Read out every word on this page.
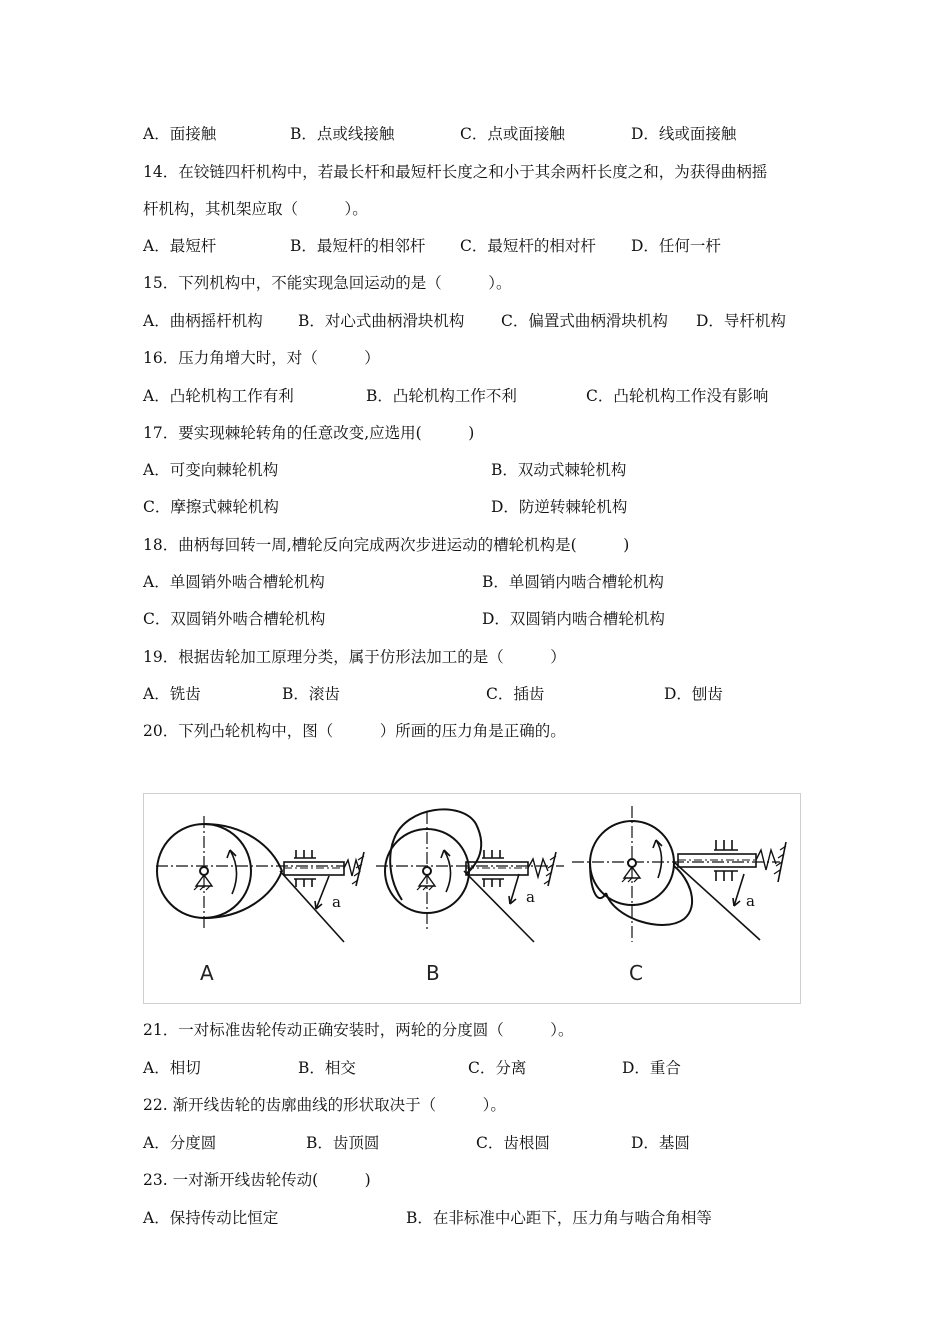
A．面接触	B．点或线接触	C．点或面接触	D．线或面接触
14．在铰链四杆机构中，若最长杆和最短杆长度之和小于其余两杆长度之和，为获得曲柄摇
杆机构，其机架应取（　　　）。
A．最短杆	B．最短杆的相邻杆 C．最短杆的相对杆 D．任何一杆
15．下列机构中，不能实现急回运动的是（　　　）。
A．曲柄摇杆机构 B．对心式曲柄滑块机构 C．偏置式曲柄滑块机构 D．导杆机构
16．压力角增大时，对（　　　）
A．凸轮机构工作有利	B．凸轮机构工作不利	C．凸轮机构工作没有影响
17．要实现棘轮转角的任意改变,应选用(　　　)
A．可变向棘轮机构	B．双动式棘轮机构
C．摩擦式棘轮机构	D．防逆转棘轮机构
18．曲柄每回转一周,槽轮反向完成两次步进运动的槽轮机构是(　　　)
A．单圆销外啮合槽轮机构	B．单圆销内啮合槽轮机构
C．双圆销外啮合槽轮机构	D．双圆销内啮合槽轮机构
19．根据齿轮加工原理分类，属于仿形法加工的是（　　　）
A．铣齿	B．滚齿	C．插齿	D．刨齿
20．下列凸轮机构中，图（　　　）所画的压力角是正确的。
a	a	a
A	B	C
21．一对标准齿轮传动正确安装时，两轮的分度圆（　　　）。
A．相切	B．相交	C．分离	D．重合
22. 渐开线齿轮的齿廓曲线的形状取决于（　　　）。
A．分度圆	B．齿顶圆	C．齿根圆	D．基圆
23. 一对渐开线齿轮传动(　　　)
A．保持传动比恒定	B．在非标准中心距下，压力角与啮合角相等
